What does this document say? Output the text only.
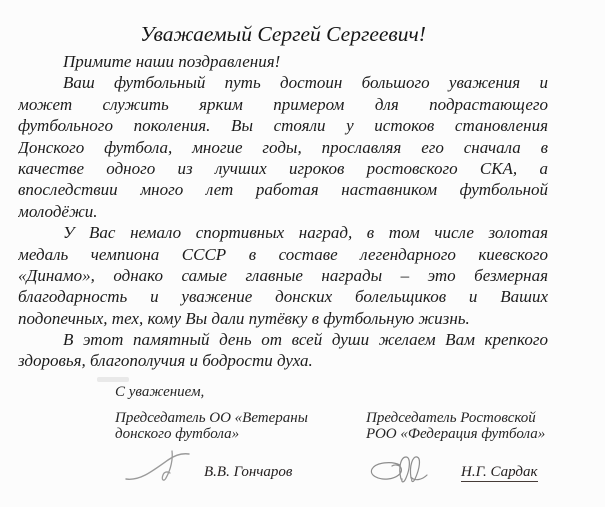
Уважаемый Сергей Сергеевич!
Примите наши поздравления!
Ваш футбольный путь достоин большого уважения и
может служить ярким примером для подрастающего
футбольного поколения. Вы стояли у истоков становления
Донского футбола, многие годы, прославляя его сначала в
качестве одного из лучших игроков ростовского СКА, а
впоследствии много лет работая наставником футбольной
молодёжи.
У Вас немало спортивных наград, в том числе золотая
медаль чемпиона СССР в составе легендарного киевского
«Динамо», однако самые главные награды – это безмерная
благодарность и уважение донских болельщиков и Ваших
подопечных, тех, кому Вы дали путёвку в футбольную жизнь.
В этот памятный день от всей души желаем Вам крепкого
здоровья, благополучия и бодрости духа.
С уважением,
Председатель ОО «Ветераны
донского футбола»
Председатель Ростовской
РОО «Федерация футбола»
В.В. Гончаров	Н.Г. Сардак
